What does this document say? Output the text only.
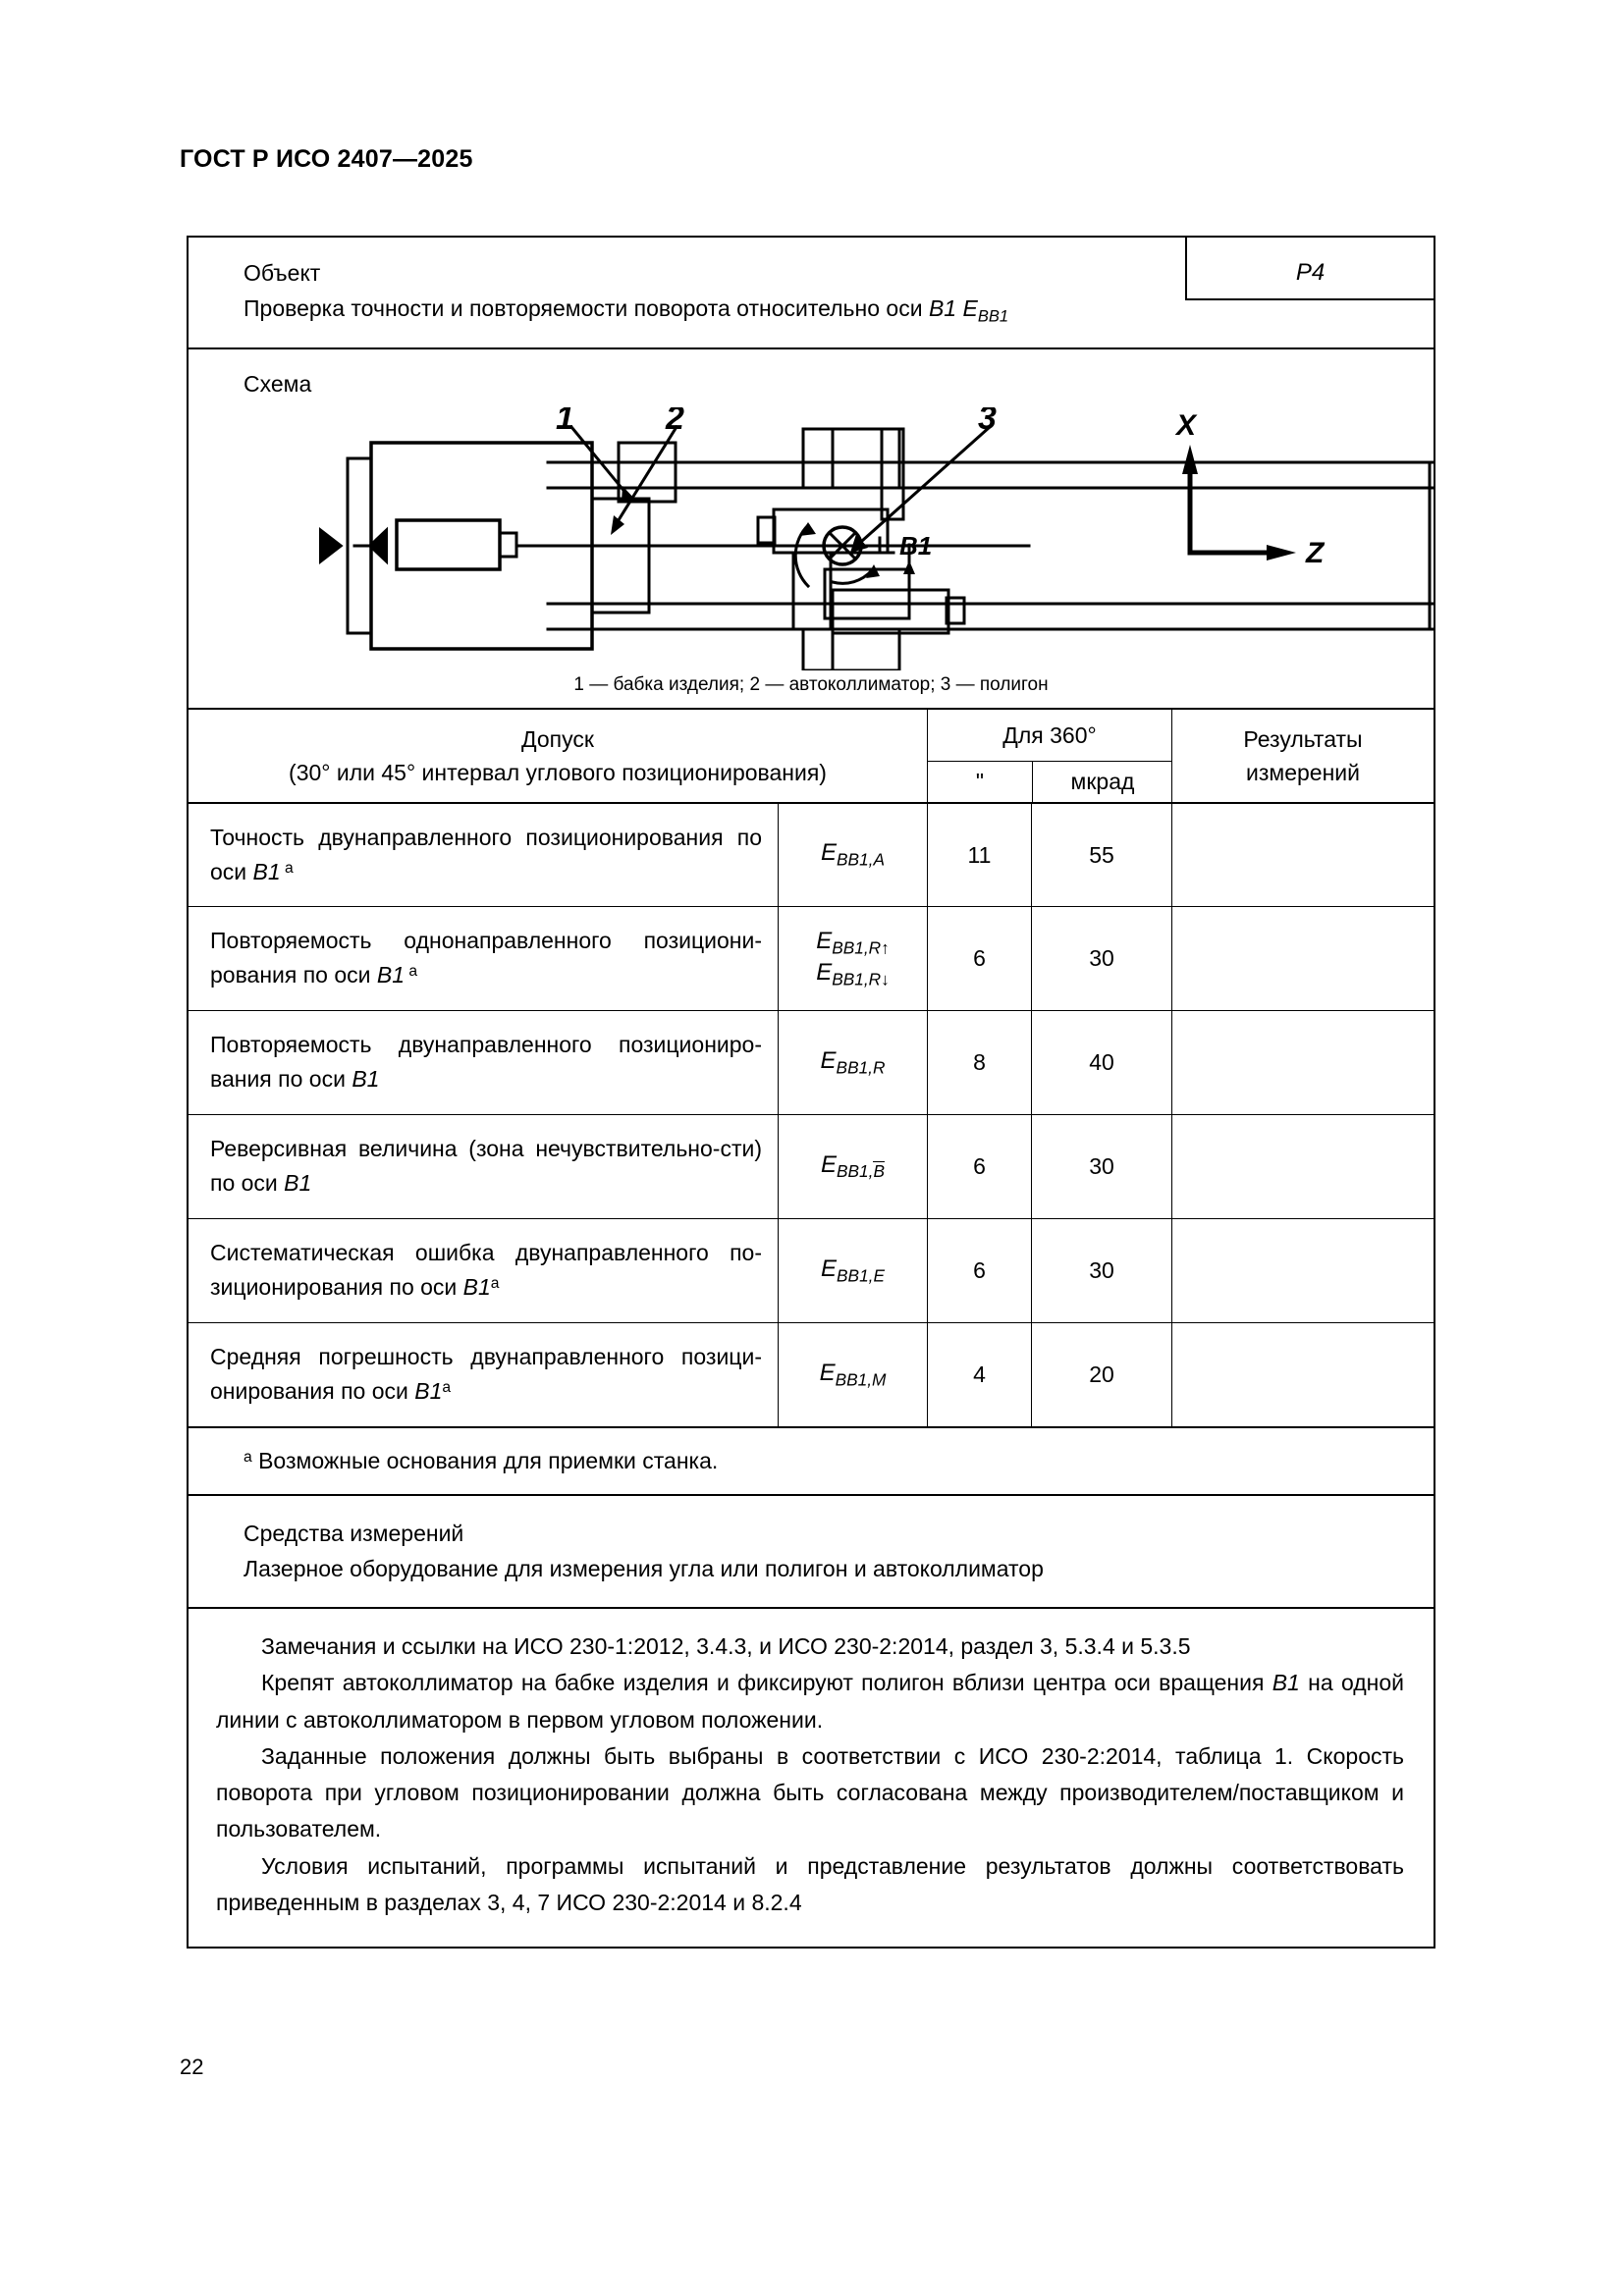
ГОСТ Р ИСО 2407—2025
Объект
Проверка точности и повторяемости поворота относительно оси B1 $E_{BB1}$
P4
Схема
1	2	3
B1
X
Z
1 — бабка изделия; 2 — автоколлиматор; 3 — полигон
Допуск
(30° или 45° интервал углового позиционирования)
Для 360°
"	мкрад
Результаты
измерений
Точность двунаправленного позиционирования по оси B1 $^a$
$E_{BB1,A}$	11	55
Повторяемость однонаправленного позициони-рования по оси B1 $^a$
$E_{BB1,R↑}$
$E_{BB1,R↓}$
6	30
Повторяемость двунаправленного позициониро-вания по оси B1
$E_{BB1,R}$	8	40
Реверсивная величина (зона нечувствительно-сти) по оси B1
$E_{BB1,B}$	6	30
Систематическая ошибка двунаправленного по-зиционирования по оси B1$^a$
$E_{BB1,E}$	6	30
Средняя погрешность двунаправленного позици-онирования по оси B1$^a$
$E_{BB1,M}$	4	20
$^a$ Возможные основания для приемки станка.
Средства измерений
Лазерное оборудование для измерения угла или полигон и автоколлиматор

Замечания и ссылки на ИСО 230-1:2012, 3.4.3, и ИСО 230-2:2014, раздел 3, 5.3.4 и 5.3.5

Крепят автоколлиматор на бабке изделия и фиксируют полигон вблизи центра оси вращения B1 на одной линии с автоколлиматором в первом угловом положении.

Заданные положения должны быть выбраны в соответствии с ИСО 230-2:2014, таблица 1. Скорость поворота при угловом позиционировании должна быть согласована между производителем/поставщиком и пользователем.

Условия испытаний, программы испытаний и представление результатов должны соответствовать приведенным в разделах 3, 4, 7 ИСО 230-2:2014 и 8.2.4

22
